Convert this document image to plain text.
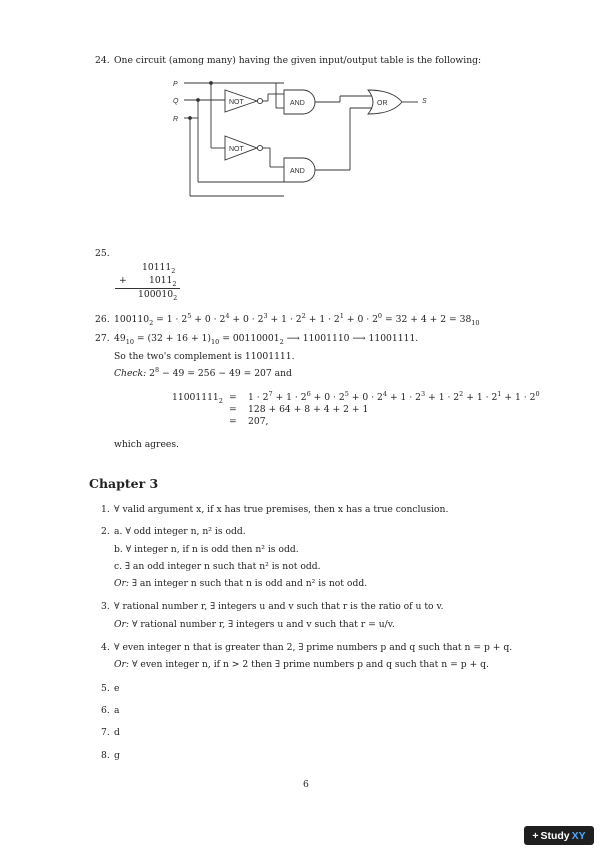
24. One circuit (among many) having the given input/output table is the following:
P
Q
R
S
NOT	AND
NOT
AND
OR
25.
$10111_2$
+ $1011_2$
$100010_2$
26. $100110_2 = 1 \cdot 2^5 + 0 \cdot 2^4 + 0 \cdot 2^3 + 1 \cdot 2^2 + 1 \cdot 2^1 + 0 \cdot 2^0 = 32 + 4 + 2 = 38_{10}$
27. $49_{10} = (32 + 16 + 1)_{10} = 00110001_2$ ⟶ 11001110 ⟶ 11001111.
So the two's complement is 11001111.
Check: $2^8 - 49 = 256 - 49 = 207$ and
$11001111_2 = 1 \cdot 2^7 + 1 \cdot 2^6 + 0 \cdot 2^5 + 0 \cdot 2^4 + 1 \cdot 2^3 + 1 \cdot 2^2 + 1 \cdot 2^1 + 1 \cdot 2^0$
= 128 + 64 + 8 + 4 + 2 + 1
= 207,
which agrees.
Chapter 3
1. ∀ valid argument x, if x has true premises, then x has a true conclusion.
2. a. ∀ odd integer n, n² is odd.
b. ∀ integer n, if n is odd then n² is odd.
c. ∃ an odd integer n such that n² is not odd.
Or: ∃ an integer n such that n is odd and n² is not odd.
3. ∀ rational number r, ∃ integers u and v such that r is the ratio of u to v.
Or: ∀ rational number r, ∃ integers u and v such that r = u/v.
4. ∀ even integer n that is greater than 2, ∃ prime numbers p and q such that n = p + q.
Or: ∀ even integer n, if n > 2 then ∃ prime numbers p and q such that n = p + q.
5. e
6. a
7. d
8. g
6
+ Study XY
